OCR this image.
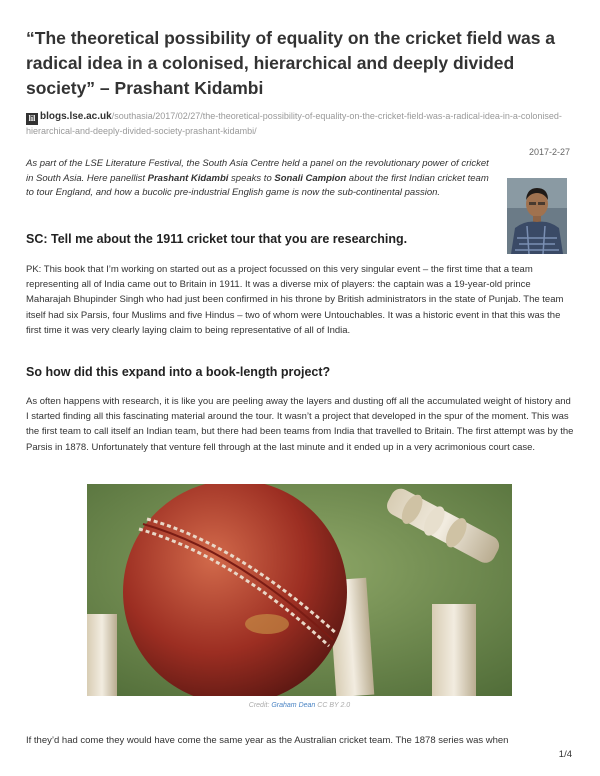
“The theoretical possibility of equality on the cricket field was a radical idea in a colonised, hierarchical and deeply divided society” – Prashant Kidambi
lil blogs.lse.ac.uk/southasia/2017/02/27/the-theoretical-possibility-of-equality-on-the-cricket-field-was-a-radical-idea-in-a-colonised-hierarchical-and-deeply-divided-society-prashant-kidambi/
2017-2-27
As part of the LSE Literature Festival, the South Asia Centre held a panel on the revolutionary power of cricket in South Asia. Here panellist Prashant Kidambi speaks to Sonali Campion about the first Indian cricket team to tour England, and how a bucolic pre-industrial English game is now the sub-continental passion.
SC: Tell me about the 1911 cricket tour that you are researching.
PK: This book that I’m working on started out as a project focussed on this very singular event – the first time that a team representing all of India came out to Britain in 1911. It was a diverse mix of players: the captain was a 19-year-old prince Maharajah Bhupinder Singh who had just been confirmed in his throne by British administrators in the state of Punjab. The team itself had six Parsis, four Muslims and five Hindus – two of whom were Untouchables. It was a historic event in that this was the first time it was very clearly laying claim to being representative of all of India.
So how did this expand into a book-length project?
As often happens with research, it is like you are peeling away the layers and dusting off all the accumulated weight of history and I started finding all this fascinating material around the tour. It wasn’t a project that developed in the spur of the moment. This was the first team to call itself an Indian team, but there had been teams from India that travelled to Britain. The first attempt was by the Parsis in 1878. Unfortunately that venture fell through at the last minute and it ended up in a very acrimonious court case.
Credit: Graham Dean CC BY 2.0
If they’d had come they would have come the same year as the Australian cricket team. The 1878 series was when
1/4
